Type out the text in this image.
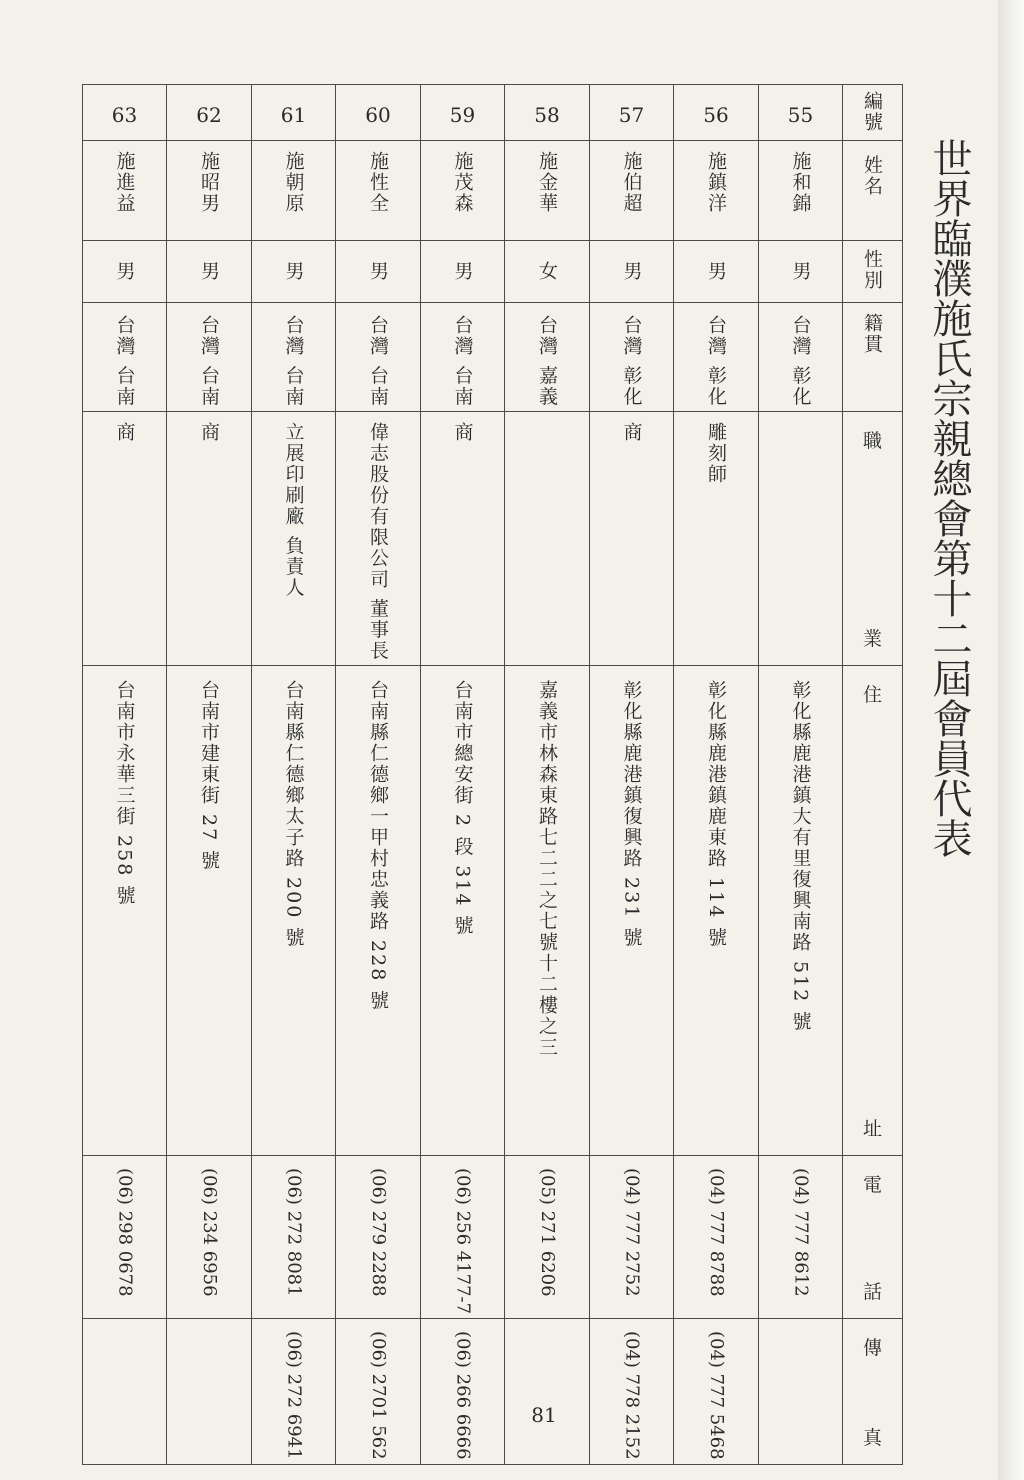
世界臨濮施氏宗親總會第十二屆會員代表
63	62	61	60	59	58	57	56	55	編號
施進益	施昭男	施朝原	施性全	施茂森	施金華	施伯超	施鎮洋	施和錦	姓名
男	男	男	男	男	女	男	男	男	性別
台灣 台南	台灣 台南	台灣 台南	台灣 台南	台灣 台南	台灣 嘉義	台灣 彰化	台灣 彰化	台灣 彰化	籍貫
商	商	立展印刷廠 負責人	偉志股份有限公司 董事長	商		商	雕刻師		職
業

台南市永華三街 258 號	台南市建東街 27 號	台南縣仁德鄉太子路 200 號	台南縣仁德鄉一甲村忠義路 228 號	台南市總安街 2 段 314 號	嘉義市林森東路七二二之七號十二樓之三	彰化縣鹿港鎮復興路 231 號	彰化縣鹿港鎮鹿東路 114 號	彰化縣鹿港鎮大有里復興南路 512 號	住
址

(06) 298 0678	(06) 234 6956	(06) 272 8081	(06) 279 2288	(06) 256 4177-7	(05) 271 6206	(04) 777 2752	(04) 777 8788	(04) 777 8612	電
話

		(06) 272 6941	(06) 2701 562	(06) 266 6666		(04) 778 2152	(04) 777 5468		傳
真
81
